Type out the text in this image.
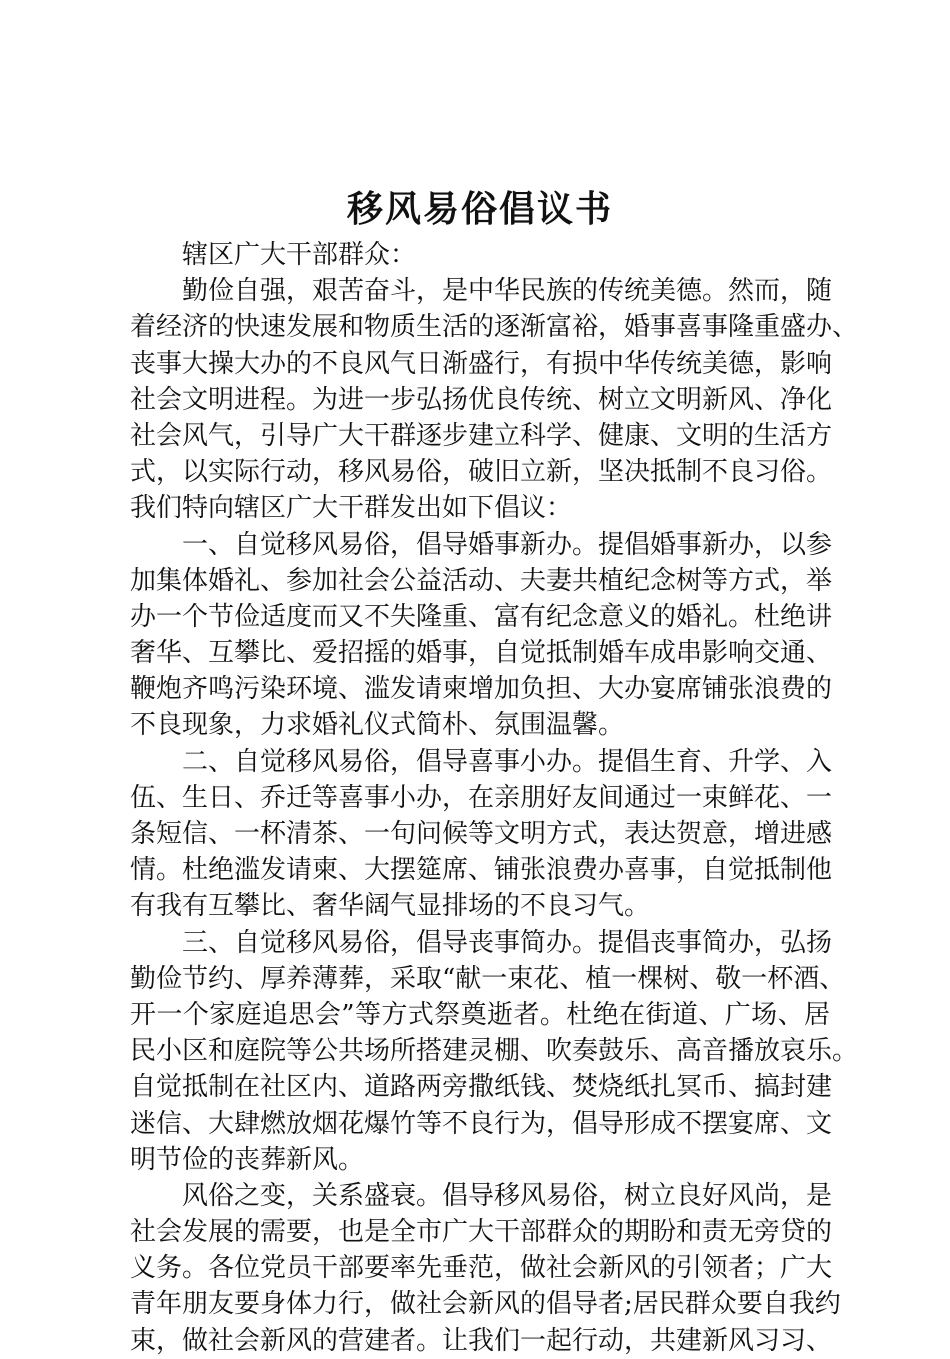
移风易俗倡议书

辖区广大干部群众：

勤俭自强，艰苦奋斗，是中华民族的传统美德。然而，随
着经济的快速发展和物质生活的逐渐富裕，婚事喜事隆重盛办、
丧事大操大办的不良风气日渐盛行，有损中华传统美德，影响
社会文明进程。为进一步弘扬优良传统、树立文明新风、净化
社会风气，引导广大干群逐步建立科学、健康、文明的生活方
式，以实际行动，移风易俗，破旧立新，坚决抵制不良习俗。
我们特向辖区广大干群发出如下倡议：
一、自觉移风易俗，倡导婚事新办。提倡婚事新办，以参
加集体婚礼、参加社会公益活动、夫妻共植纪念树等方式，举
办一个节俭适度而又不失隆重、富有纪念意义的婚礼。杜绝讲
奢华、互攀比、爱招摇的婚事，自觉抵制婚车成串影响交通、
鞭炮齐鸣污染环境、滥发请柬增加负担、大办宴席铺张浪费的
不良现象，力求婚礼仪式简朴、氛围温馨。
二、自觉移风易俗，倡导喜事小办。提倡生育、升学、入
伍、生日、乔迁等喜事小办，在亲朋好友间通过一束鲜花、一
条短信、一杯清茶、一句问候等文明方式，表达贺意，增进感
情。杜绝滥发请柬、大摆筵席、铺张浪费办喜事，自觉抵制他
有我有互攀比、奢华阔气显排场的不良习气。
三、自觉移风易俗，倡导丧事简办。提倡丧事简办，弘扬
勤俭节约、厚养薄葬，采取“献一束花、植一棵树、敬一杯酒、
开一个家庭追思会”等方式祭奠逝者。杜绝在街道、广场、居
民小区和庭院等公共场所搭建灵棚、吹奏鼓乐、高音播放哀乐。
自觉抵制在社区内、道路两旁撒纸钱、焚烧纸扎冥币、搞封建
迷信、大肆燃放烟花爆竹等不良行为，倡导形成不摆宴席、文
明节俭的丧葬新风。
风俗之变，关系盛衰。倡导移风易俗，树立良好风尚，是
社会发展的需要，也是全市广大干部群众的期盼和责无旁贷的
义务。各位党员干部要率先垂范，做社会新风的引领者；广大
青年朋友要身体力行，做社会新风的倡导者;居民群众要自我约
束，做社会新风的营建者。让我们一起行动，共建新风习习、
